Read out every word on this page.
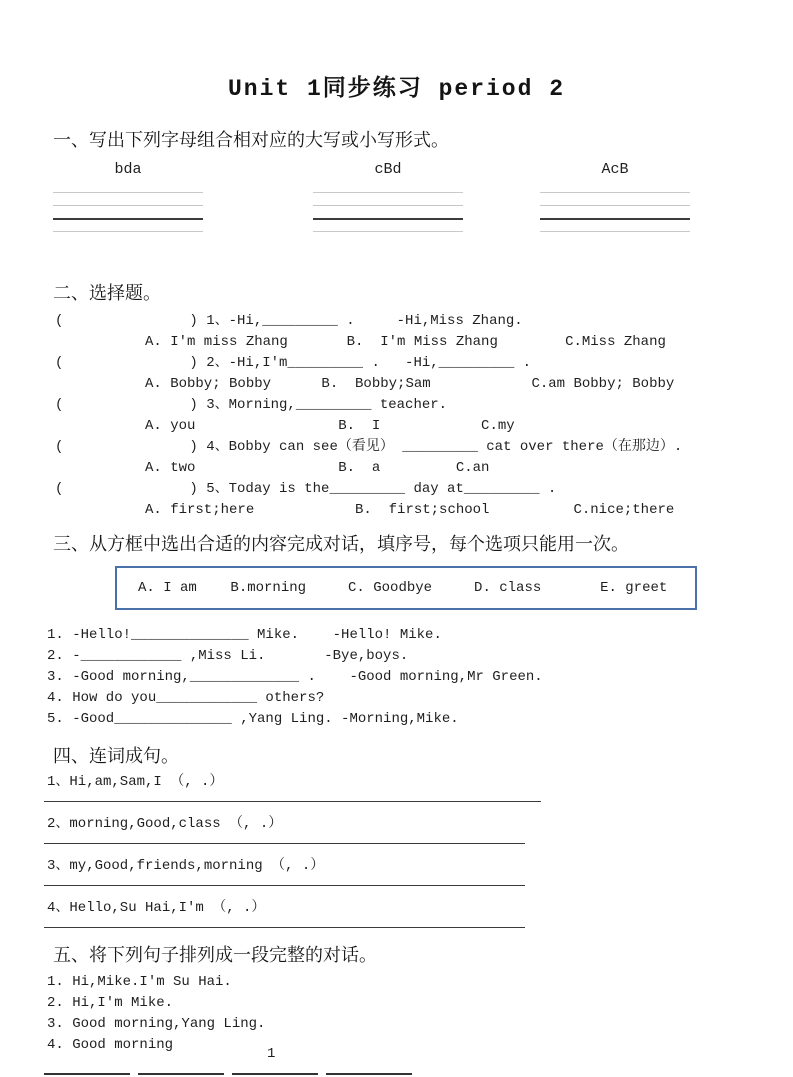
Unit 1同步练习 period 2
一、写出下列字母组合相对应的大写或小写形式。
bda	cBd	AcB
二、选择题。
(               ) 1、-Hi,_________ .     -Hi,Miss Zhang.
A. I'm miss Zhang       B.  I'm Miss Zhang        C.Miss Zhang
(               ) 2、-Hi,I'm_________ .   -Hi,_________ .
A. Bobby; Bobby      B.  Bobby;Sam            C.am Bobby; Bobby
(               ) 3、Morning,_________ teacher.
A. you                 B.  I            C.my
(               ) 4、Bobby can see（看见） _________ cat over there（在那边）.
A. two                 B.  a         C.an
(               ) 5、Today is the_________ day at_________ .
A. first;here            B.  first;school          C.nice;there
三、从方框中选出合适的内容完成对话，填序号，每个选项只能用一次。
A. I am    B.morning     C. Goodbye     D. class       E. greet
1. -Hello!______________ Mike.    -Hello! Mike.
2. -____________ ,Miss Li.       -Bye,boys.
3. -Good morning,_____________ .    -Good morning,Mr Green.
4. How do you____________ others?
5. -Good______________ ,Yang Ling. -Morning,Mike.
四、连词成句。
1、Hi,am,Sam,I （, .）
2、morning,Good,class （, .）
3、my,Good,friends,morning （, .）
4、Hello,Su Hai,I'm （, .）
五、将下列句子排列成一段完整的对话。
1. Hi,Mike.I'm Su Hai.
2. Hi,I'm Mike.
3. Good morning,Yang Ling.
4. Good morning
1
